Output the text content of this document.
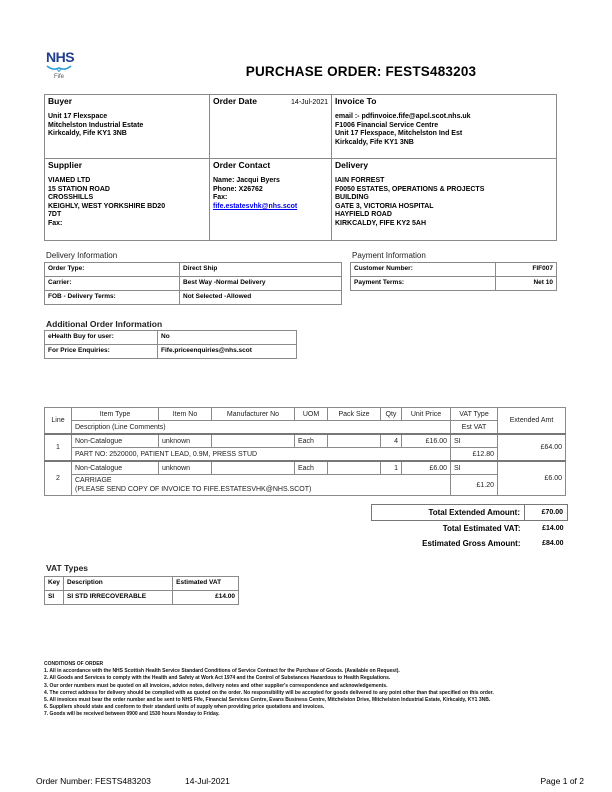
NHS
Fife	PURCHASE ORDER: FESTS483203
Buyer
Unit 17 Flexspace
Mitchelston Industrial Estate
Kirkcaldy, Fife KY1 3NB

Order Date	14-Jul-2021	Invoice To
email :- pdfinvoice.fife@apcl.scot.nhs.uk
F1006 Financial Service Centre
Unit 17 Flexspace, Mitchelston Ind Est
Kirkcaldy, Fife KY1 3NB

Supplier
VIAMED LTD
15 STATION ROAD
CROSSHILLS
KEIGHLY, WEST YORKSHIRE BD20
7DT
Fax:

Order Contact
Name: Jacqui Byers
Phone: X26762
Fax:
fife.estatesvhk@nhs.scot

Delivery
IAIN FORREST
F0050 ESTATES, OPERATIONS & PROJECTS
BUILDING
GATE 3, VICTORIA HOSPITAL
HAYFIELD ROAD
KIRKCALDY, FIFE KY2 5AH
Delivery Information
Order Type:	Direct Ship
Carrier:	Best Way -Normal Delivery
FOB - Delivery Terms:	Not Selected -Allowed
Payment Information
Customer Number:	FIF007
Payment Terms:	Net 10
Additional Order Information
eHealth Buy for user:	No
For Price Enquiries:	Fife.priceenquiries@nhs.scot
Line	Item Type	Item No	Manufacturer No	UOM	Pack Size	Qty	Unit Price	VAT Type	Extended Amt
	Description (Line Comments)							Est VAT	
1	Non-Catalogue	unknown		Each		4	£16.00	SI	£64.00
	PART NO: 2520000, PATIENT LEAD, 0.9M, PRESS STUD							£12.80	
2	Non-Catalogue	unknown		Each		1	£6.00	SI	£6.00

	CARRIAGE
(PLEASE SEND COPY OF INVOICE TO FIFE.ESTATESVHK@NHS.SCOT)							£1.20	
Total Extended Amount:	£70.00
Total Estimated VAT:	£14.00
Estimated Gross Amount:	£84.00
VAT Types
Key	Description	Estimated VAT
SI	SI STD IRRECOVERABLE	£14.00
CONDITIONS OF ORDER
1. All in accordance with the NHS Scottish Health Service Standard Conditions of Service Contract for the Purchase of Goods. (Available on Request).
2. All Goods and Services to comply with the Health and Safety at Work Act 1974 and the Control of Substances Hazardous to Health Regulations.
3. Our order numbers must be quoted on all invoices, advice notes, delivery notes and other supplier's correspondence and acknowledgements.
4. The correct address for delivery should be complied with as quoted on the order. No responsibility will be accepted for goods delivered to any point other than that specified on this order.
5. All invoices must bear the order number and be sent to NHS Fife, Financial Services Centre, Evans Business Centre, Mitchelston Drive, Mitchelston Industrial Estate, Kirkcaldy, KY1 3NB.
6. Suppliers should state and conform to their standard units of supply when providing price quotations and invoices.
7. Goods will be received between 0900 and 1530 hours Monday to Friday.
Order Number: FESTS483203	14-Jul-2021	Page 1 of 2
